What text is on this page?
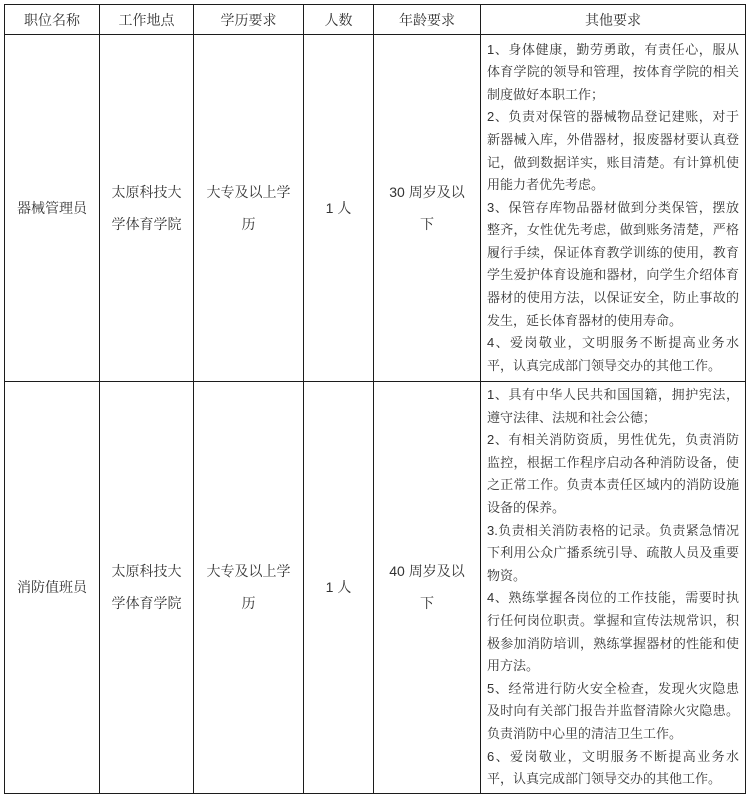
职位名称	工作地点	学历要求	人数	年龄要求	其他要求
器械管理员	太原科技大学体育学院	大专及以上学历	1 人	30 周岁及以下	1、身体健康，勤劳勇敢，有责任心，服从体育学院的领导和管理，按体育学院的相关制度做好本职工作；
2、负责对保管的器械物品登记建账，对于新器械入库，外借器材，报废器材要认真登记，做到数据详实，账目清楚。有计算机使用能力者优先考虑。
3、保管存库物品器材做到分类保管，摆放整齐，女性优先考虑，做到账务清楚，严格履行手续，保证体育教学训练的使用，教育学生爱护体育设施和器材，向学生介绍体育器材的使用方法，以保证安全，防止事故的发生，延长体育器材的使用寿命。
4、爱岗敬业，文明服务不断提高业务水平，认真完成部门领导交办的其他工作。

消防值班员	太原科技大学体育学院	大专及以上学历	1 人	40 周岁及以下	
1、具有中华人民共和国国籍，拥护宪法，遵守法律、法规和社会公德；
2、有相关消防资质，男性优先，负责消防监控，根据工作程序启动各种消防设备，使之正常工作。负责本责任区域内的消防设施设备的保养。
3.负责相关消防表格的记录。负责紧急情况下利用公众广播系统引导、疏散人员及重要物资。
4、熟练掌握各岗位的工作技能，需要时执行任何岗位职责。掌握和宣传法规常识，积极参加消防培训，熟练掌握器材的性能和使用方法。
5、经常进行防火安全检查，发现火灾隐患及时向有关部门报告并监督清除火灾隐患。负责消防中心里的清洁卫生工作。
6、爱岗敬业，文明服务不断提高业务水平，认真完成部门领导交办的其他工作。
